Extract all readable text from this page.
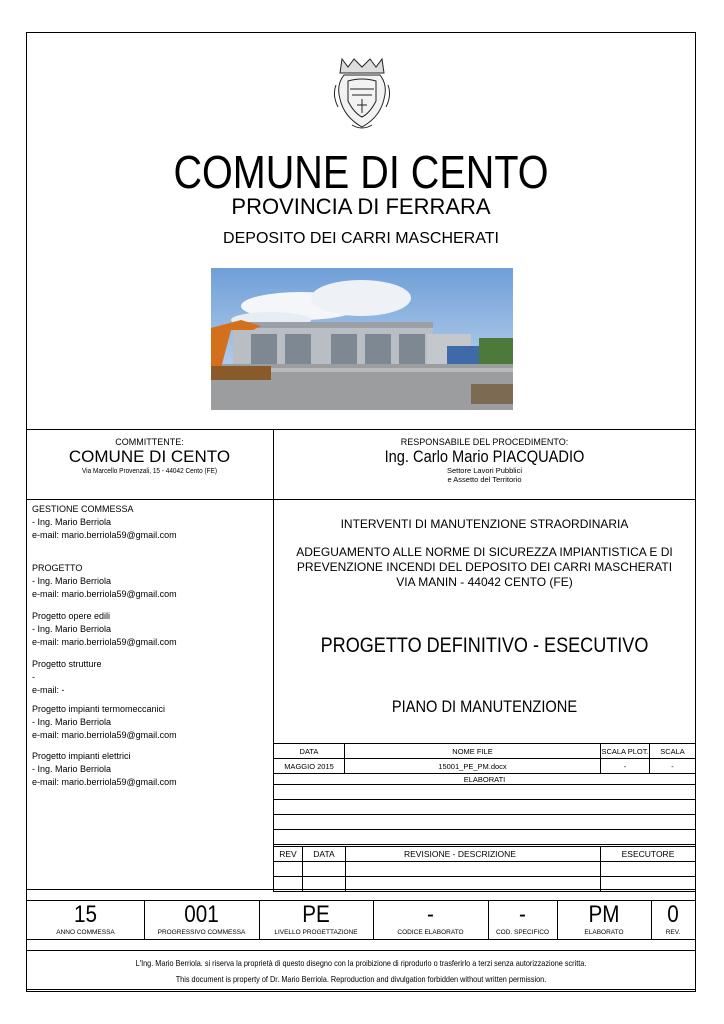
COMUNE DI CENTO
PROVINCIA DI FERRARA
DEPOSITO DEI CARRI MASCHERATI
COMMITTENTE:
COMUNE DI CENTO
Via Marcello Provenzali, 15 - 44042 Cento (FE)
RESPONSABILE DEL PROCEDIMENTO:
Ing. Carlo Mario PIACQUADIO
Settore Lavori Pubblici
e Assetto del Territorio
GESTIONE COMMESSA
- Ing. Mario Berriola
e-mail: mario.berriola59@gmail.com
PROGETTO
- Ing. Mario Berriola
e-mail: mario.berriola59@gmail.com
Progetto opere edili
- Ing. Mario Berriola
e-mail: mario.berriola59@gmail.com
Progetto strutture
-
e-mail: -
Progetto impianti termomeccanici
- Ing. Mario Berriola
e-mail: mario.berriola59@gmail.com
Progetto impianti elettrici
- Ing. Mario Berriola
e-mail: mario.berriola59@gmail.com
INTERVENTI DI MANUTENZIONE STRAORDINARIA
ADEGUAMENTO ALLE NORME DI SICUREZZA IMPIANTISTICA E DI
PREVENZIONE INCENDI DEL DEPOSITO DEI CARRI MASCHERATI
VIA MANIN - 44042 CENTO (FE)
PROGETTO DEFINITIVO - ESECUTIVO
PIANO DI MANUTENZIONE
DATA	NOME FILE	SCALA PLOT.	SCALA
MAGGIO 2015	15001_PE_PM.docx	-	-
ELABORATI			

REV	DATA	REVISIONE - DESCRIZIONE	ESECUTORE

15
ANNO COMMESSA
001
PROGRESSIVO COMMESSA
PE
LIVELLO PROGETTAZIONE
-
CODICE ELABORATO
-
COD. SPECIFICO
PM
ELABORATO
0
REV.
L'Ing. Mario Berriola. si riserva la proprietà di questo disegno con la proibizione di riprodurlo o trasferirlo a terzi senza autorizzazione scritta.
This document is property of Dr. Mario Berriola. Reproduction and divulgation forbidden without written permission.
